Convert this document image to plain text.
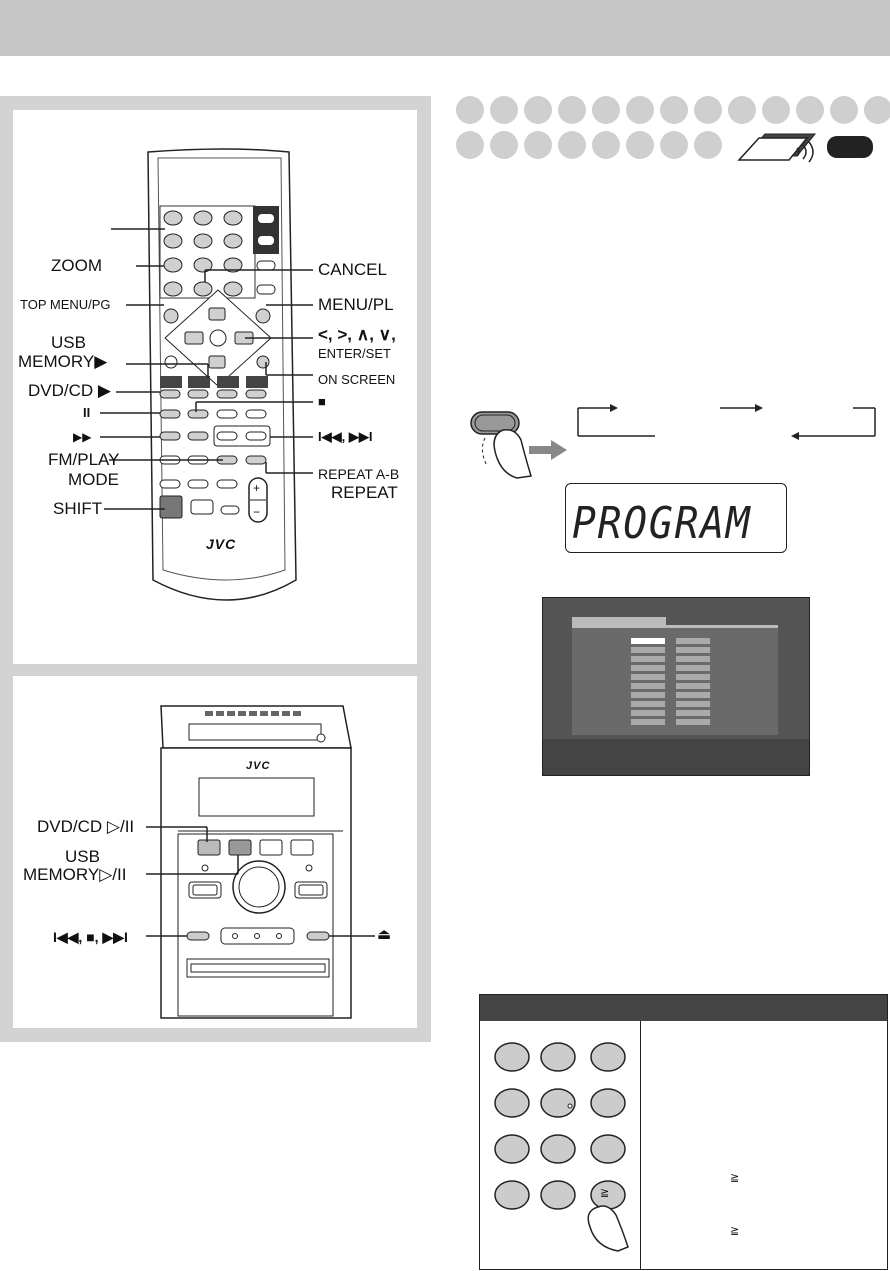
JVC
ZOOM
TOP MENU/PG
USB
MEMORY▶
DVD/CD ▶
II
▶▶
FM/PLAY
MODE
SHIFT
CANCEL
MENU/PL
<, >, ∧, ∨,
ENTER/SET
ON SCREEN
■
I◀◀, ▶▶I
REPEAT A-B
REPEAT
+
−
JVC
DVD/CD ▷/II
USB
MEMORY▷/II
I◀◀, ■, ▶▶I	⏏
PROGRAM
≧
≧
≧
